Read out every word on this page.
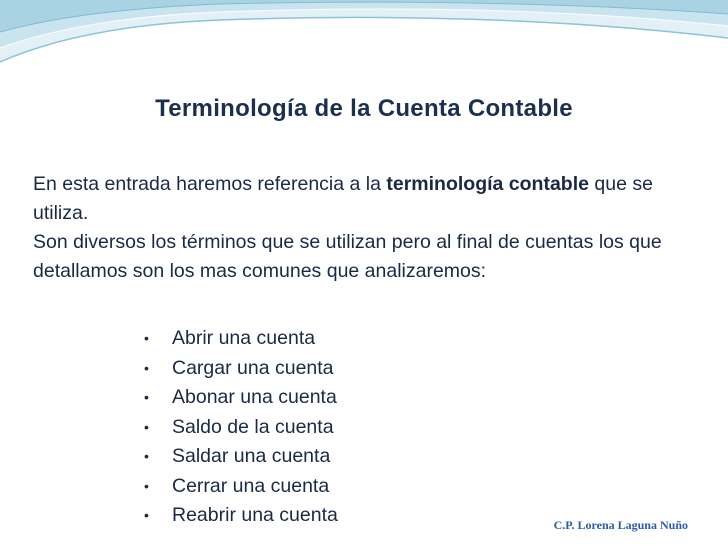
Terminología de la Cuenta Contable

En esta entrada haremos referencia a la terminología contable que se utiliza.
Son diversos los términos que se utilizan pero al final de cuentas los que detallamos son los mas comunes que analizaremos:

• Abrir una cuenta
• Cargar una cuenta
• Abonar una cuenta
• Saldo de la cuenta
• Saldar una cuenta
• Cerrar una cuenta
• Reabrir una cuenta	C.P. Lorena Laguna Nuño
